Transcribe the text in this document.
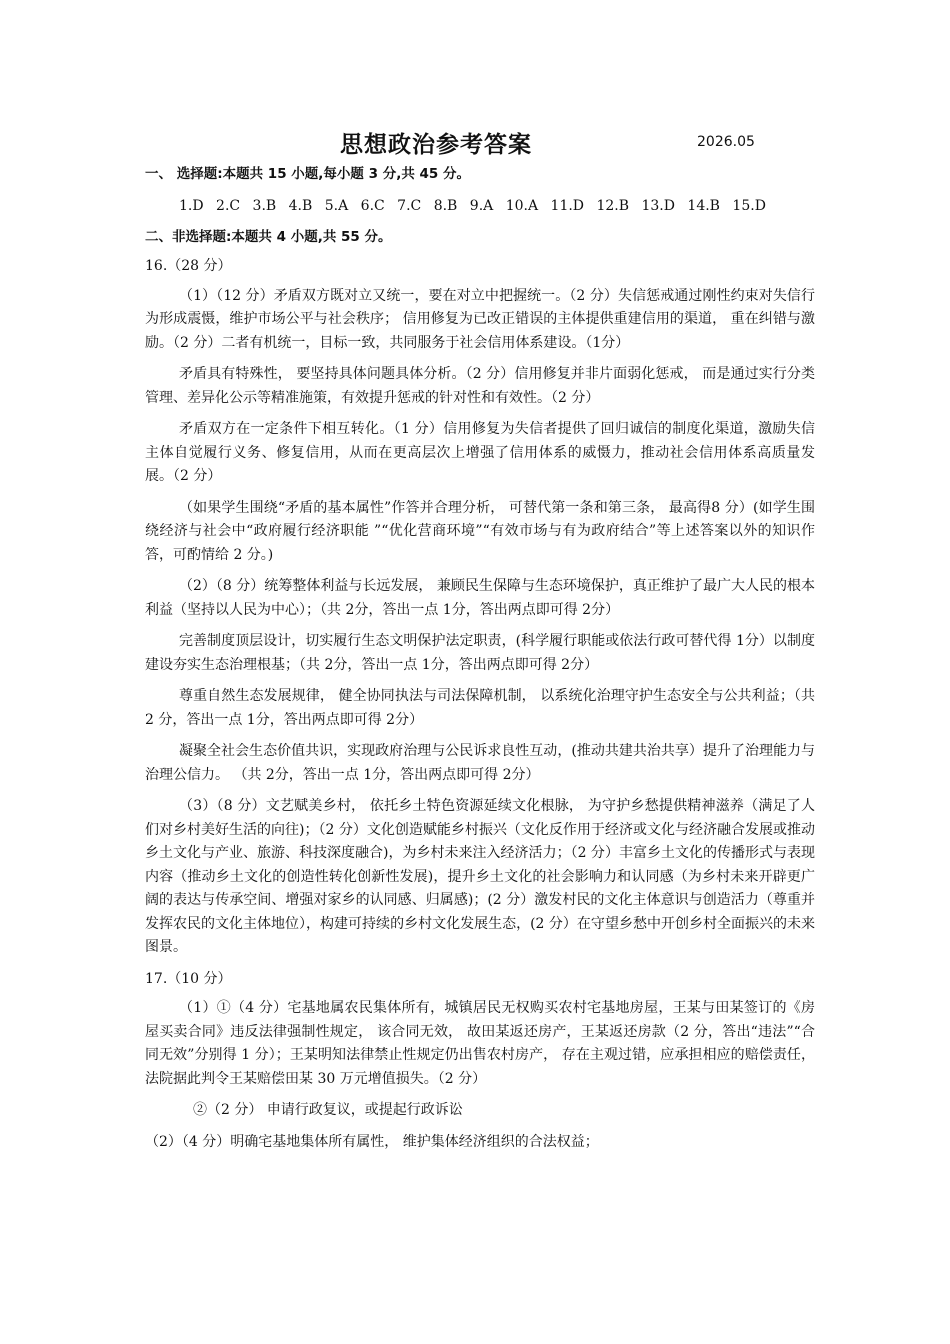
思想政治参考答案	2026.05

一、 选择题:本题共 15 小题,每小题 3 分,共 45 分。

1.D 2.C 3.B 4.B 5.A 6.C 7.C 8.B 9.A 10.A 11.D 12.B 13.D 14.B 15.D

二、非选择题:本题共 4 小题,共 55 分。

16.（28 分）

（1）（12 分）矛盾双方既对立又统一，要在对立中把握统一。（2 分）失信惩戒通过刚性约束对失信行为形成震慑，维护市场公平与社会秩序； 信用修复为已改正错误的主体提供重建信用的渠道， 重在纠错与激励。（2 分）二者有机统一，目标一致，共同服务于社会信用体系建设。（1分）

矛盾具有特殊性， 要坚持具体问题具体分析。（2 分）信用修复并非片面弱化惩戒， 而是通过实行分类管理、差异化公示等精准施策，有效提升惩戒的针对性和有效性。（2 分）

矛盾双方在一定条件下相互转化。（1 分）信用修复为失信者提供了回归诚信的制度化渠道，激励失信主体自觉履行义务、修复信用，从而在更高层次上增强了信用体系的威慑力，推动社会信用体系高质量发展。（2 分）

（如果学生围绕“矛盾的基本属性”作答并合理分析， 可替代第一条和第三条， 最高得8 分）(如学生围绕经济与社会中“政府履行经济职能 ”“优化营商环境”“有效市场与有为政府结合”等上述答案以外的知识作答，可酌情给 2 分。)

（2）（8 分）统筹整体利益与长远发展， 兼顾民生保障与生态环境保护，真正维护了最广大人民的根本利益（坚持以人民为中心）；（共 2分，答出一点 1分，答出两点即可得 2分）

完善制度顶层设计，切实履行生态文明保护法定职责，(科学履行职能或依法行政可替代得 1分）以制度建设夯实生态治理根基；（共 2分，答出一点 1分，答出两点即可得 2分）

尊重自然生态发展规律， 健全协同执法与司法保障机制， 以系统化治理守护生态安全与公共利益；（共 2 分，答出一点 1分，答出两点即可得 2分）

凝聚全社会生态价值共识，实现政府治理与公民诉求良性互动，(推动共建共治共享）提升了治理能力与治理公信力。 （共 2分，答出一点 1分，答出两点即可得 2分）

（3）（8 分）文艺赋美乡村， 依托乡土特色资源延续文化根脉， 为守护乡愁提供精神滋养（满足了人们对乡村美好生活的向往)；（2 分）文化创造赋能乡村振兴（文化反作用于经济或文化与经济融合发展或推动乡土文化与产业、旅游、科技深度融合)，为乡村未来注入经济活力；（2 分）丰富乡土文化的传播形式与表现内容（推动乡土文化的创造性转化创新性发展)，提升乡土文化的社会影响力和认同感（为乡村未来开辟更广阔的表达与传承空间、增强对家乡的认同感、归属感)；(2 分）激发村民的文化主体意识与创造活力（尊重并发挥农民的文化主体地位），构建可持续的乡村文化发展生态，(2 分）在守望乡愁中开创乡村全面振兴的未来图景。

17.（10 分）

（1）①（4 分）宅基地属农民集体所有，城镇居民无权购买农村宅基地房屋，王某与田某签订的《房屋买卖合同》违反法律强制性规定， 该合同无效， 故田某返还房产，王某返还房款（2 分，答出“违法”“合同无效”分别得 1 分）；王某明知法律禁止性规定仍出售农村房产， 存在主观过错，应承担相应的赔偿责任，法院据此判令王某赔偿田某 30 万元增值损失。（2 分）

②（2 分） 申请行政复议，或提起行政诉讼

（2）（4 分）明确宅基地集体所有属性， 维护集体经济组织的合法权益；
